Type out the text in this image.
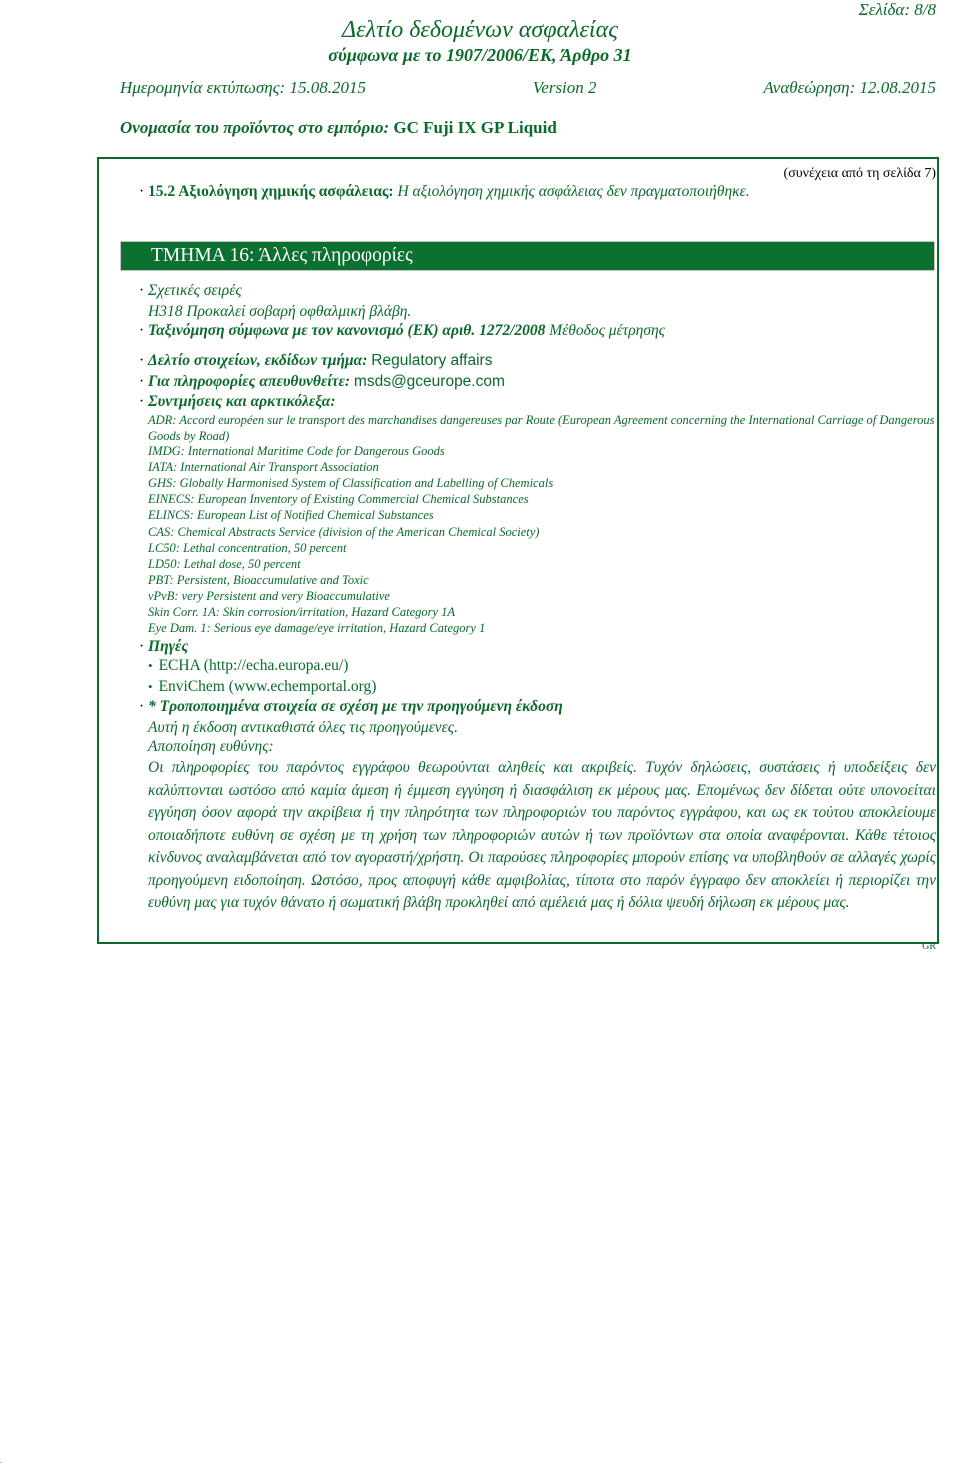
Σελίδα: 8/8
Δελτίο δεδομένων ασφαλείας
σύμφωνα με το 1907/2006/ΕΚ, Άρθρο 31
Ημερομηνία εκτύπωσης: 15.08.2015	Version 2	Αναθεώρηση: 12.08.2015
Ονομασία του προϊόντος στο εμπόριο: GC Fuji IX GP Liquid
(συνέχεια από τη σελίδα 7)
· 15.2 Αξιολόγηση χημικής ασφάλειας: Η αξιολόγηση χημικής ασφάλειας δεν πραγματοποιήθηκε.
ΤΜΗΜΑ 16: Άλλες πληροφορίες
· Σχετικές σειρές
H318 Προκαλεί σοβαρή οφθαλμική βλάβη.
· Ταξινόμηση σύμφωνα με τον κανονισμό (ΕΚ) αριθ. 1272/2008 Μέθοδος μέτρησης
· Δελτίο στοιχείων, εκδίδων τμήμα: Regulatory affairs
· Για πληροφορίες απευθυνθείτε: msds@gceurope.com
· Συντμήσεις και αρκτικόλεξα:
ADR: Accord européen sur le transport des marchandises dangereuses par Route (European Agreement concerning the International Carriage of Dangerous Goods by Road)
IMDG: International Maritime Code for Dangerous Goods
IATA: International Air Transport Association
GHS: Globally Harmonised System of Classification and Labelling of Chemicals
EINECS: European Inventory of Existing Commercial Chemical Substances
ELINCS: European List of Notified Chemical Substances
CAS: Chemical Abstracts Service (division of the American Chemical Society)
LC50: Lethal concentration, 50 percent
LD50: Lethal dose, 50 percent
PBT: Persistent, Bioaccumulative and Toxic
vPvB: very Persistent and very Bioaccumulative
Skin Corr. 1A: Skin corrosion/irritation, Hazard Category 1A
Eye Dam. 1: Serious eye damage/eye irritation, Hazard Category 1
· Πηγές
• ECHA (http://echa.europa.eu/)
• EnviChem (www.echemportal.org)
· * Τροποποιημένα στοιχεία σε σχέση με την προηγούμενη έκδοση
Αυτή η έκδοση αντικαθιστά όλες τις προηγούμενες.
Αποποίηση ευθύνης:
Οι πληροφορίες του παρόντος εγγράφου θεωρούνται αληθείς και ακριβείς. Τυχόν δηλώσεις, συστάσεις ή υποδείξεις δεν καλύπτονται ωστόσο από καμία άμεση ή έμμεση εγγύηση ή διασφάλιση εκ μέρους μας. Επομένως δεν δίδεται ούτε υπονοείται εγγύηση όσον αφορά την ακρίβεια ή την πληρότητα των πληροφοριών του παρόντος εγγράφου, και ως εκ τούτου αποκλείουμε οποιαδήποτε ευθύνη σε σχέση με τη χρήση των πληροφοριών αυτών ή των προϊόντων στα οποία αναφέρονται. Κάθε τέτοιος κίνδυνος αναλαμβάνεται από τον αγοραστή/χρήστη. Οι παρούσες πληροφορίες μπορούν επίσης να υποβληθούν σε αλλαγές χωρίς προηγούμενη ειδοποίηση. Ωστόσο, προς αποφυγή κάθε αμφιβολίας, τίποτα στο παρόν έγγραφο δεν αποκλείει ή περιορίζει την ευθύνη μας για τυχόν θάνατο ή σωματική βλάβη προκληθεί από αμέλειά μας ή δόλια ψευδή δήλωση εκ μέρους μας.
GR
.
